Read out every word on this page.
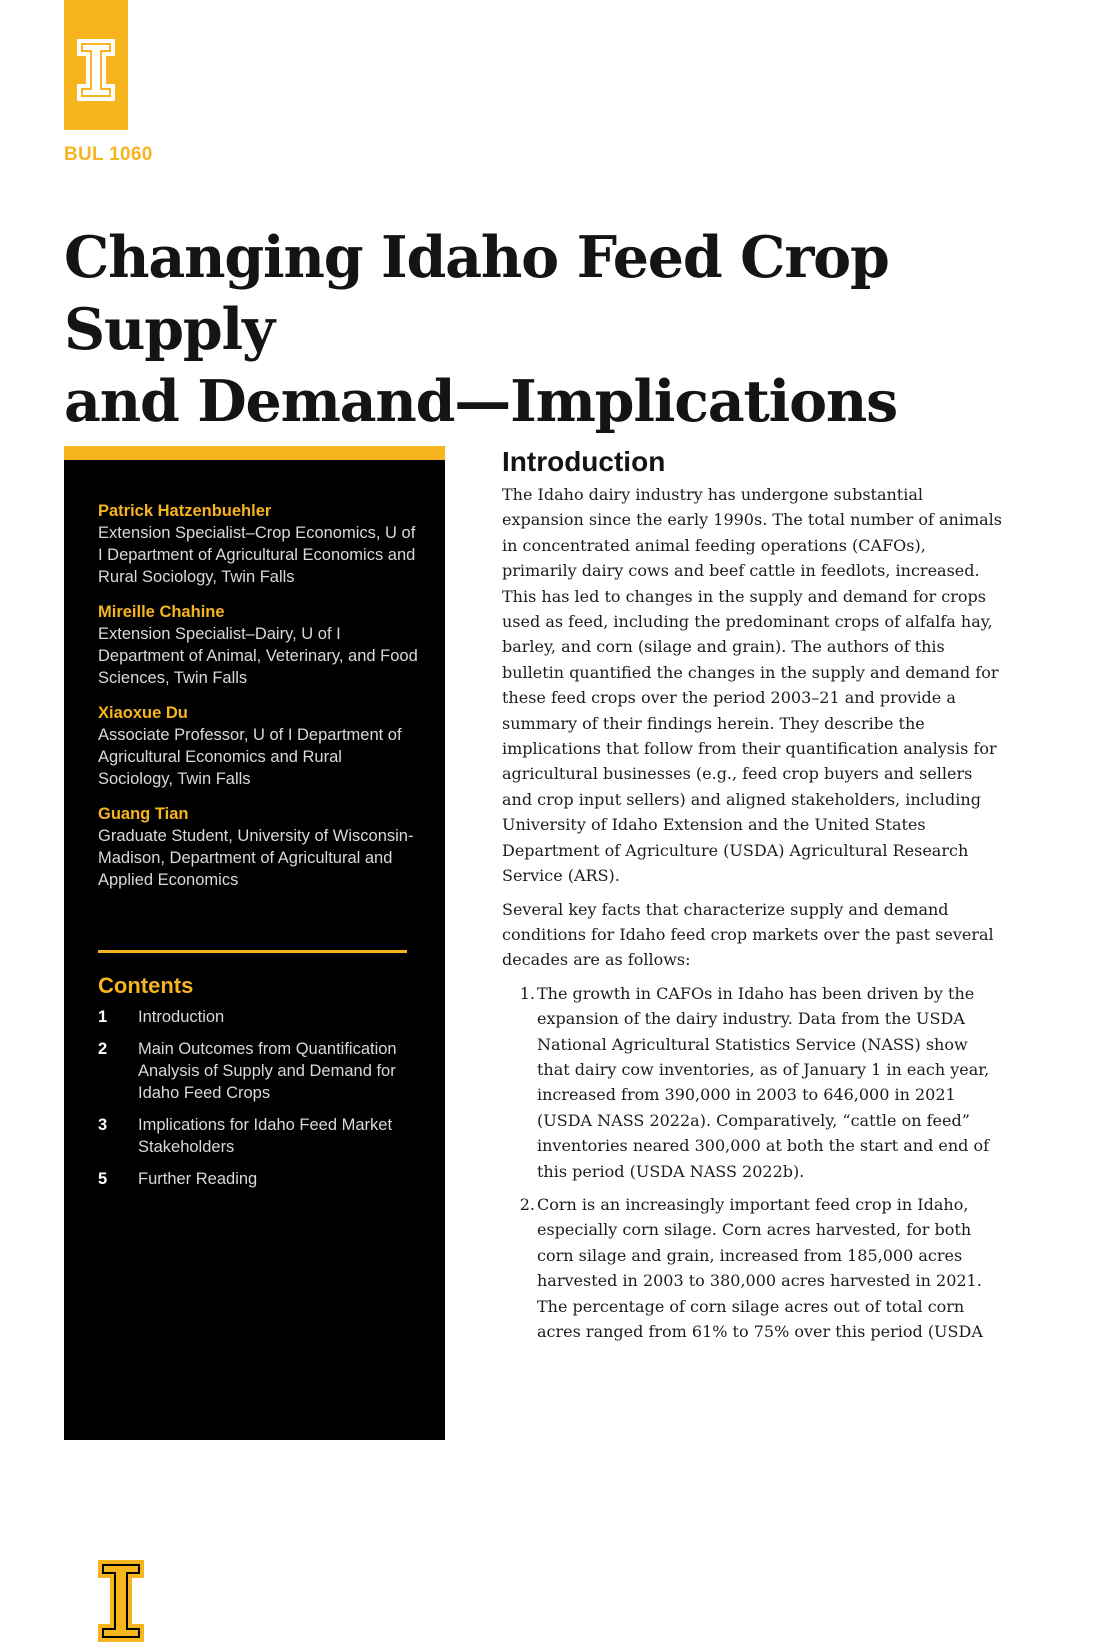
BUL 1060
Changing Idaho Feed Crop Supply
and Demand—Implications
Patrick Hatzenbuehler
Extension Specialist–Crop Economics, U of I Department of Agricultural Economics and Rural Sociology, Twin Falls
Mireille Chahine
Extension Specialist–Dairy, U of I Department of Animal, Veterinary, and Food Sciences, Twin Falls
Xiaoxue Du
Associate Professor, U of I Department of Agricultural Economics and Rural Sociology, Twin Falls
Guang Tian
Graduate Student, University of Wisconsin-Madison, Department of Agricultural and Applied Economics
Contents
1	Introduction
2	Main Outcomes from Quantification Analysis of Supply and Demand for Idaho Feed Crops
3	Implications for Idaho Feed Market Stakeholders
5	Further Reading
UniversityofIdaho
Extension
Introduction

The Idaho dairy industry has undergone substantial expansion since the early 1990s. The total number of animals in concentrated animal feeding operations (CAFOs), primarily dairy cows and beef cattle in feedlots, increased. This has led to changes in the supply and demand for crops used as feed, including the predominant crops of alfalfa hay, barley, and corn (silage and grain). The authors of this bulletin quantified the changes in the supply and demand for these feed crops over the period 2003–21 and provide a summary of their findings herein. They describe the implications that follow from their quantification analysis for agricultural businesses (e.g., feed crop buyers and sellers and crop input sellers) and aligned stakeholders, including University of Idaho Extension and the United States Department of Agriculture (USDA) Agricultural Research Service (ARS).

Several key facts that characterize supply and demand conditions for Idaho feed crop markets over the past several decades are as follows:

1. The growth in CAFOs in Idaho has been driven by the expansion of the dairy industry. Data from the USDA National Agricultural Statistics Service (NASS) show that dairy cow inventories, as of January 1 in each year, increased from 390,000 in 2003 to 646,000 in 2021 (USDA NASS 2022a). Comparatively, “cattle on feed” inventories neared 300,000 at both the start and end of this period (USDA NASS 2022b).
2. Corn is an increasingly important feed crop in Idaho, especially corn silage. Corn acres harvested, for both corn silage and grain, increased from 185,000 acres harvested in 2003 to 380,000 acres harvested in 2021. The percentage of corn silage acres out of total corn acres ranged from 61% to 75% over this period (USDA
